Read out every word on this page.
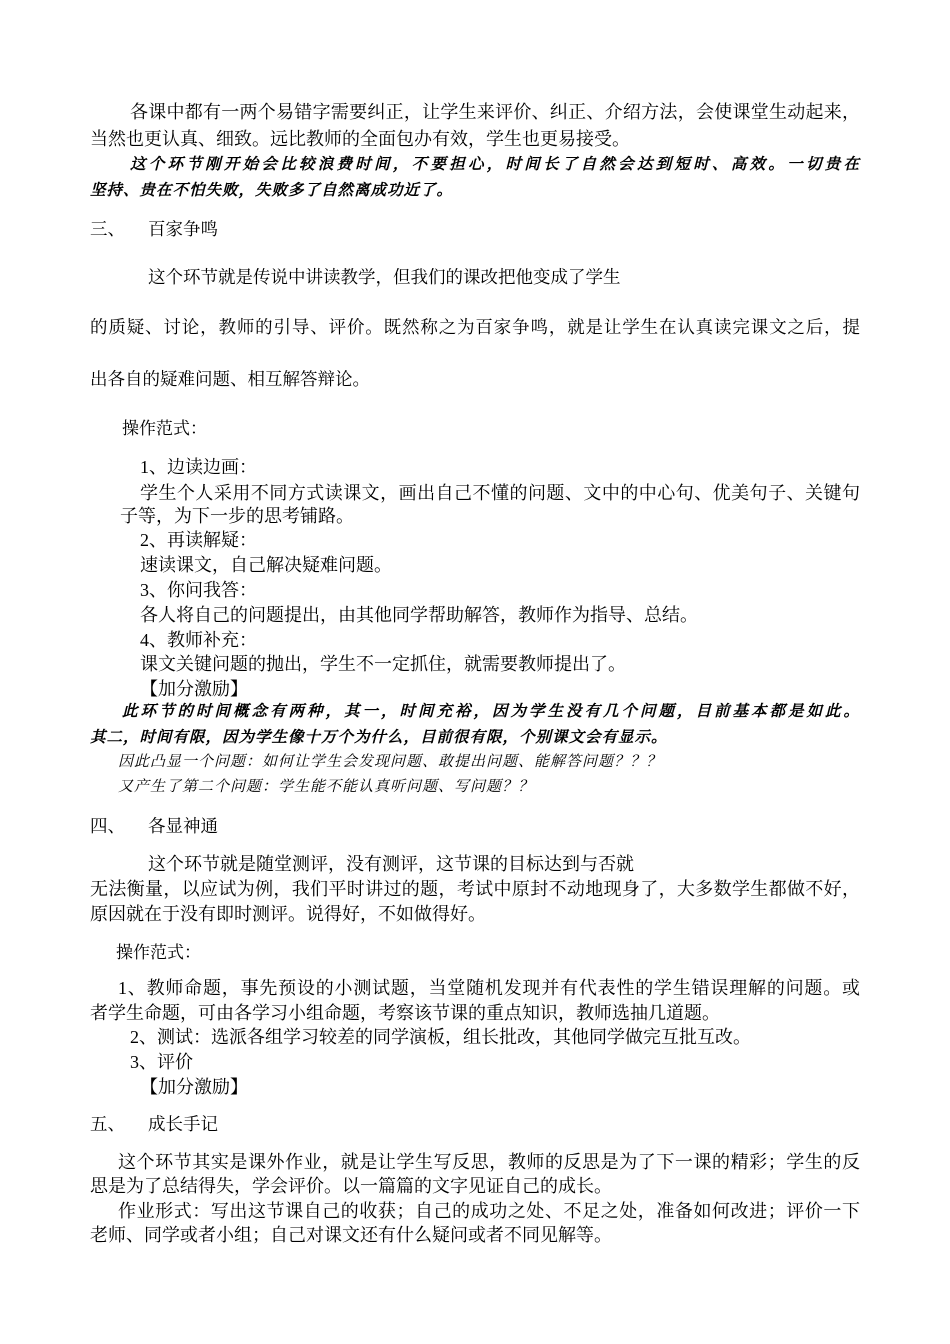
各课中都有一两个易错字需要纠正，让学生来评价、纠正、介绍方法，会使课堂生动起来，
当然也更认真、细致。远比教师的全面包办有效，学生也更易接受。
这个环节刚开始会比较浪费时间，不要担心，时间长了自然会达到短时、高效。一切贵在
坚持、贵在不怕失败，失败多了自然离成功近了。
三、 百家争鸣
这个环节就是传说中讲读教学，但我们的课改把他变成了学生
的质疑、讨论，教师的引导、评价。既然称之为百家争鸣，就是让学生在认真读完课文之后，提
出各自的疑难问题、相互解答辩论。
操作范式：
1、边读边画：
学生个人采用不同方式读课文，画出自己不懂的问题、文中的中心句、优美句子、关键句
子等，为下一步的思考铺路。
2、再读解疑：
速读课文，自己解决疑难问题。
3、你问我答：
各人将自己的问题提出，由其他同学帮助解答，教师作为指导、总结。
4、教师补充：
课文关键问题的抛出，学生不一定抓住，就需要教师提出了。
【加分激励】
此环节的时间概念有两种，其一，时间充裕，因为学生没有几个问题，目前基本都是如此。
其二，时间有限，因为学生像十万个为什么，目前很有限，个别课文会有显示。
因此凸显一个问题：如何让学生会发现问题、敢提出问题、能解答问题？？？
又产生了第二个问题：学生能不能认真听问题、写问题？？
四、 各显神通
这个环节就是随堂测评，没有测评，这节课的目标达到与否就
无法衡量，以应试为例，我们平时讲过的题，考试中原封不动地现身了，大多数学生都做不好，
原因就在于没有即时测评。说得好，不如做得好。
操作范式：
1、教师命题，事先预设的小测试题，当堂随机发现并有代表性的学生错误理解的问题。或
者学生命题，可由各学习小组命题，考察该节课的重点知识，教师选抽几道题。
2、测试：选派各组学习较差的同学演板，组长批改，其他同学做完互批互改。
3、评价
【加分激励】
五、 成长手记
这个环节其实是课外作业，就是让学生写反思，教师的反思是为了下一课的精彩；学生的反
思是为了总结得失，学会评价。以一篇篇的文字见证自己的成长。
作业形式：写出这节课自己的收获；自己的成功之处、不足之处，准备如何改进；评价一下
老师、同学或者小组；自己对课文还有什么疑问或者不同见解等。
